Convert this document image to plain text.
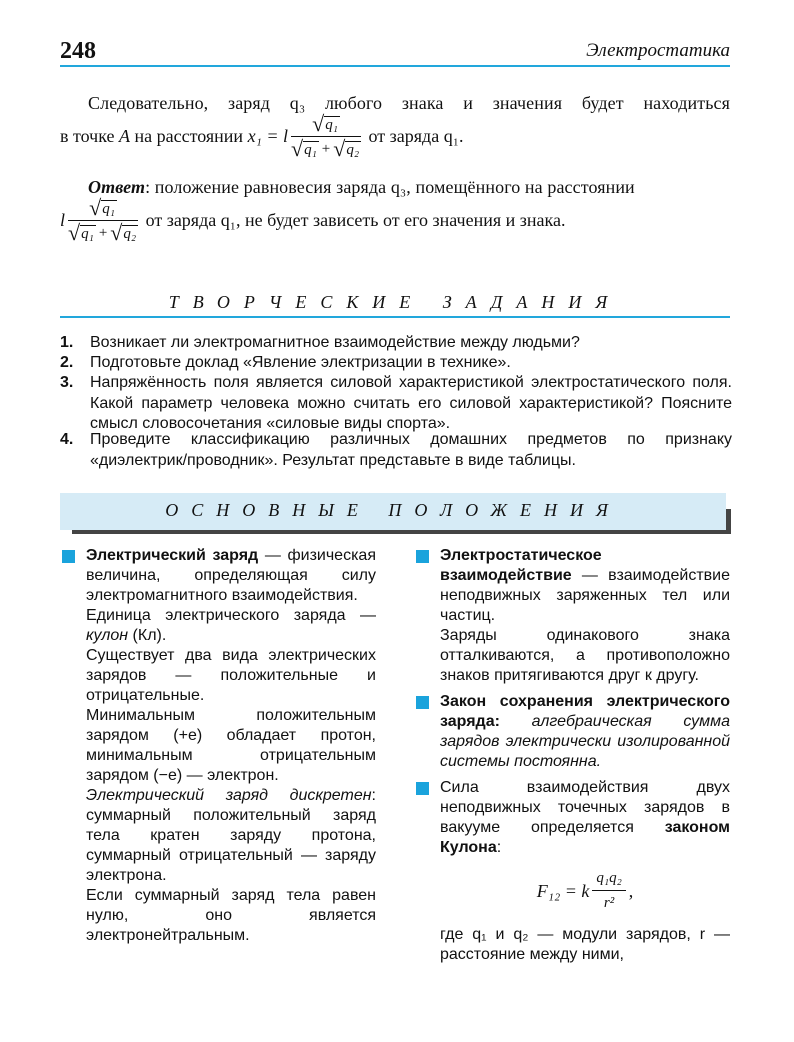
248	Электростатика
Следовательно, заряд q₃ любого знака и значения будет находиться
в точке
A
на расстоянии
x₁ = l $\frac{\text{√ q₁}}{\text{√ q₁ + √ q₂}}$
от заряда q₁.
Ответ: положение равновесия заряда q₃, помещённого на расстоянии
l $\frac{\text{√ q₁}}{\text{√ q₁ + √ q₂}}$
от заряда q₁, не будет зависеть от его значения и знака.
ТВОРЧЕСКИЕ ЗАДАНИЯ
1.	Возникает ли электромагнитное взаимодействие между людьми?
2.	Подготовьте доклад «Явление электризации в технике».
3.	Напряжённость поля является силовой характеристикой электростатического поля. Какой параметр человека можно считать его силовой характеристикой? Поясните смысл словосочетания «силовые виды спорта».
4.	Проведите классификацию различных домашних предметов по признаку «диэлектрик/проводник». Результат представьте в виде таблицы.
ОСНОВНЫЕ ПОЛОЖЕНИЯ

Электрический заряд — физическая величина, определяющая силу электромагнитного взаимодействия.

Единица электрического заряда — кулон (Кл).

Существует два вида электрических зарядов — положительные и отрицательные.

Минимальным положительным зарядом (+e) обладает протон, минимальным отрицательным зарядом (−e) — электрон.

Электрический заряд дискретен: суммарный положительный заряд тела кратен заряду протона, суммарный отрицательный — заряду электрона.

Если суммарный заряд тела равен нулю, оно является электронейтральным.

Электростатическое взаимодействие — взаимодействие неподвижных заряженных тел или частиц.

Заряды одинакового знака отталкиваются, а противоположно знаков притягиваются друг к другу.

Закон сохранения электрического заряда: алгебраическая сумма зарядов электрически изолированной системы постоянна.

Сила взаимодействия двух неподвижных точечных зарядов в вакууме определяется законом Кулона:

F₁₂ = k $\frac{\text{q₁q₂}}{\text{r²}}$ ,

где q₁ и q₂ — модули зарядов, r — расстояние между ними,
